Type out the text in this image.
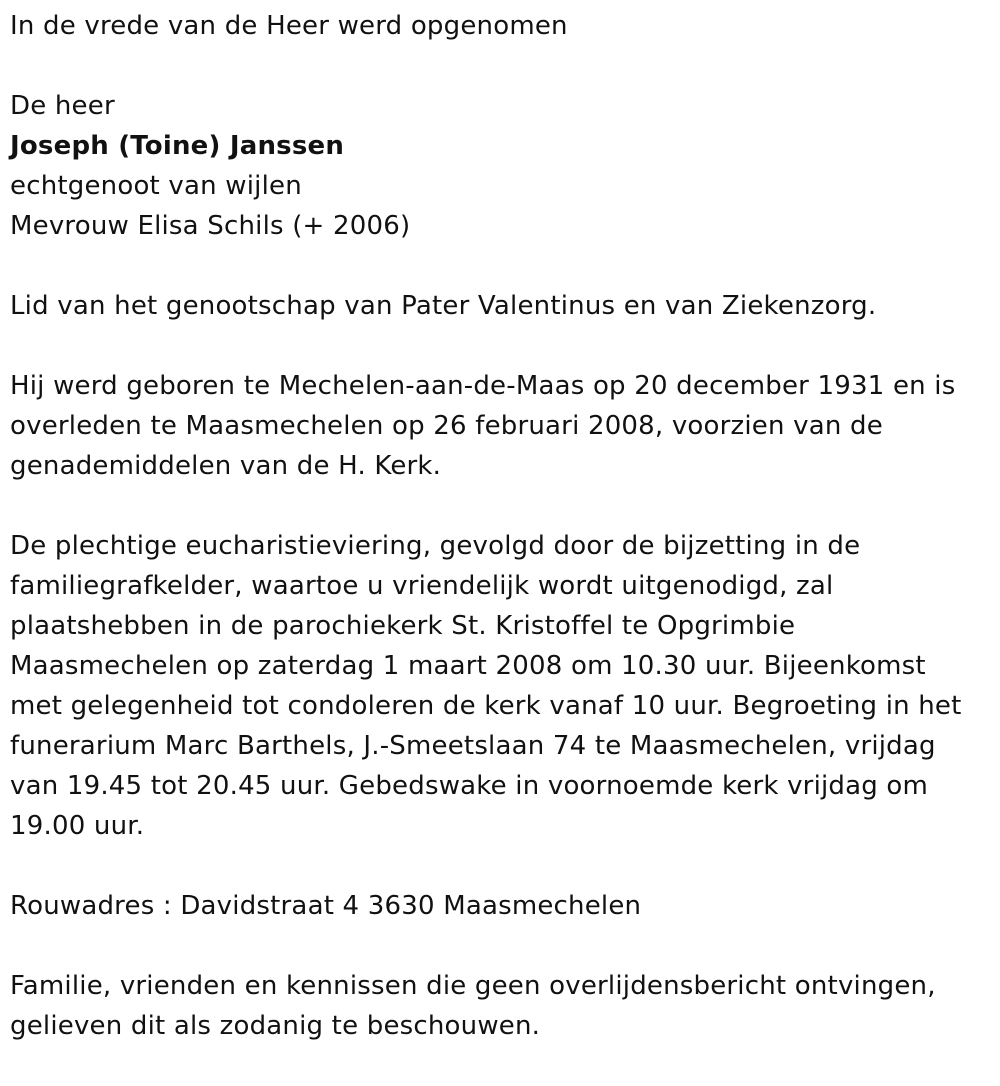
In de vrede van de Heer werd opgenomen
De heer
Joseph (Toine) Janssen
echtgenoot van wijlen
Mevrouw Elisa Schils (+ 2006)
Lid van het genootschap van Pater Valentinus en van Ziekenzorg.
Hij werd geboren te Mechelen-aan-de-Maas op 20 december 1931 en is
overleden te Maasmechelen op 26 februari 2008, voorzien van de
genademiddelen van de H. Kerk.
De plechtige eucharistieviering, gevolgd door de bijzetting in de
familiegrafkelder, waartoe u vriendelijk wordt uitgenodigd, zal
plaatshebben in de parochiekerk St. Kristoffel te Opgrimbie
Maasmechelen op zaterdag 1 maart 2008 om 10.30 uur. Bijeenkomst
met gelegenheid tot condoleren de kerk vanaf 10 uur. Begroeting in het
funerarium Marc Barthels, J.-Smeetslaan 74 te Maasmechelen, vrijdag
van 19.45 tot 20.45 uur. Gebedswake in voornoemde kerk vrijdag om
19.00 uur.
Rouwadres : Davidstraat 4 3630 Maasmechelen
Familie, vrienden en kennissen die geen overlijdensbericht ontvingen,
gelieven dit als zodanig te beschouwen.
